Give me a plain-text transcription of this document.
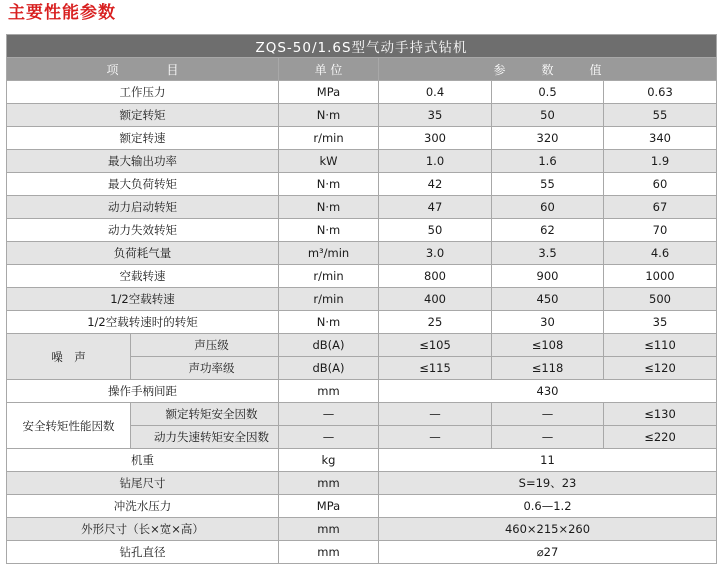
主要性能参数
ZQS-50/1.6S型气动手持式钻机					
项　　　　目		单 位	参　　　数　　　值		
工作压力		MPa	0.4	0.5	0.63
额定转矩		N·m	35	50	55
额定转速		r/min	300	320	340
最大输出功率		kW	1.0	1.6	1.9
最大负荷转矩		N·m	42	55	60
动力启动转矩		N·m	47	60	67
动力失效转矩		N·m	50	62	70
负荷耗气量		m³/min	3.0	3.5	4.6
空载转速		r/min	800	900	1000
1/2空载转速		r/min	400	450	500
1/2空载转速时的转矩		N·m	25	30	35
噪　声	声压级	dB(A)	≤105	≤108	≤110
	声功率级	dB(A)	≤115	≤118	≤120
操作手柄间距		mm	430		
安全转矩性能因数	额定转矩安全因数	—	—	—	≤130
	动力失速转矩安全因数	—	—	—	≤220
机重		kg	11		
钻尾尺寸		mm	S=19、23		
冲洗水压力		MPa	0.6—1.2		
外形尺寸（长×宽×高）		mm	460×215×260		
钻孔直径		mm	⌀27		
